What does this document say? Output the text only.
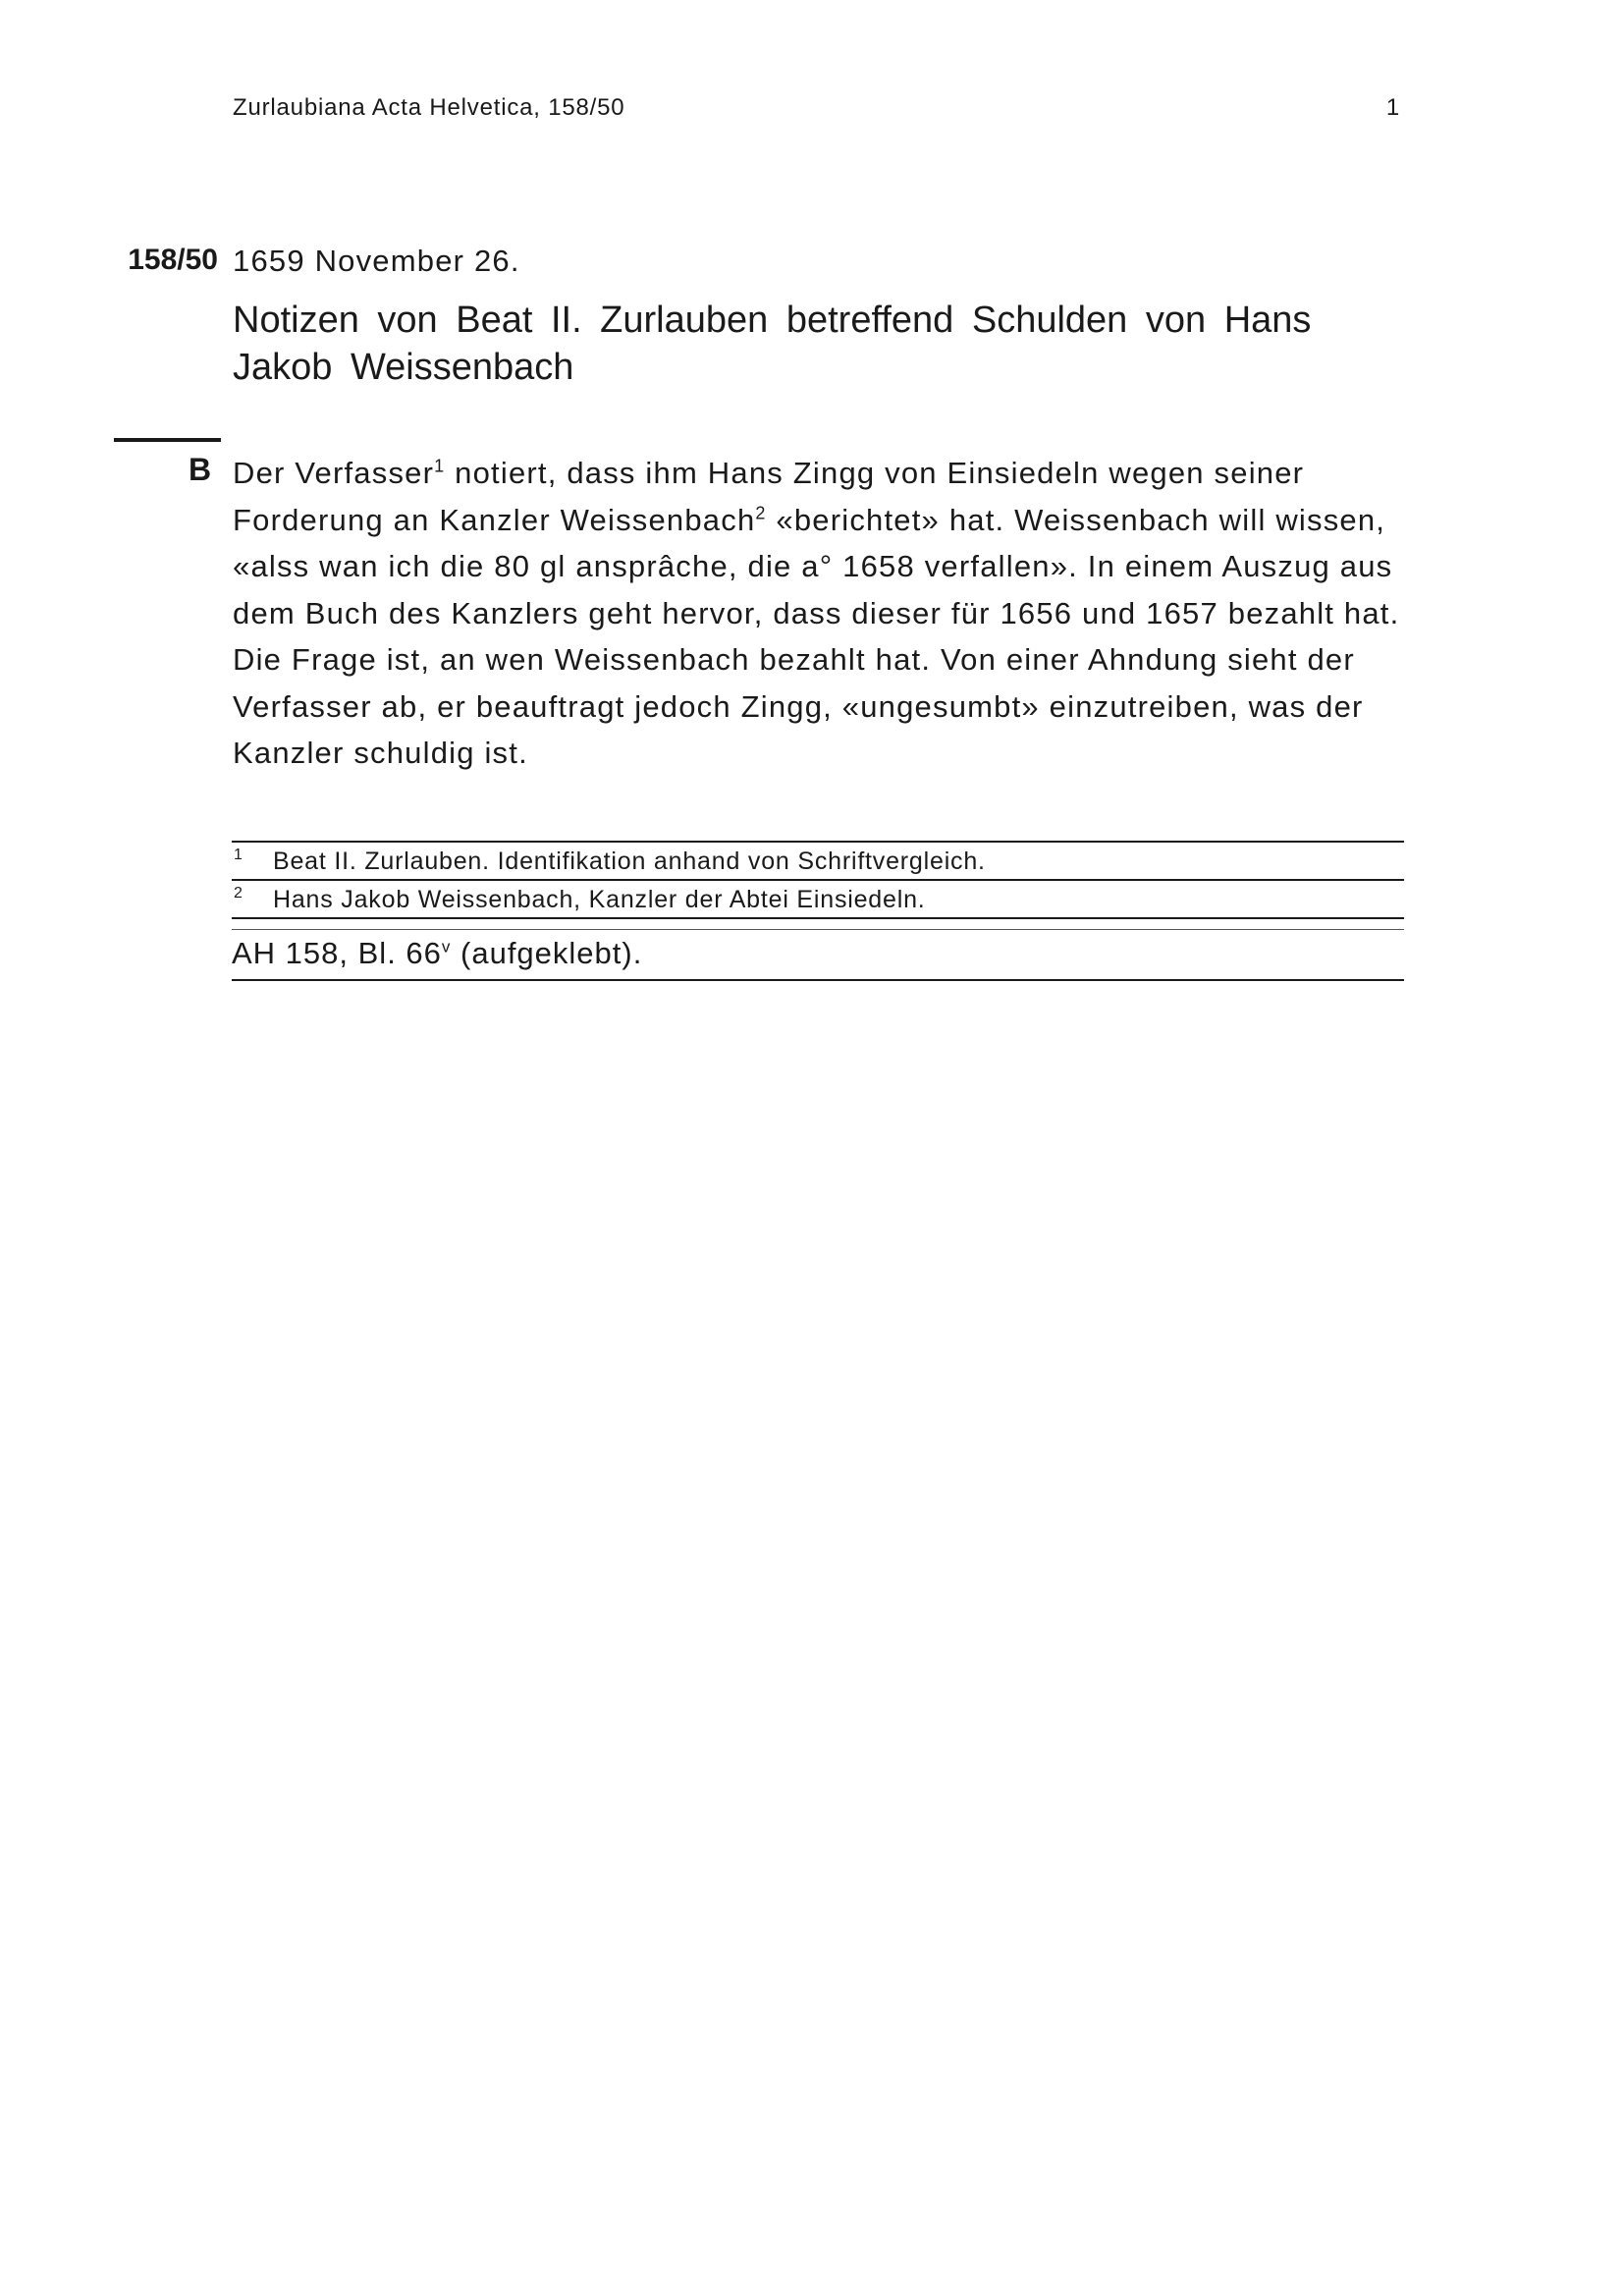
Zurlaubiana Acta Helvetica, 158/50	1
158/50 1659 November 26.
Notizen von Beat II. Zurlauben betreffend Schulden von Hans Jakob Weissenbach
B Der Verfasser$^1$ notiert, dass ihm Hans Zingg von Einsiedeln wegen seiner Forderung an Kanzler Weissenbach$^2$ «berichtet» hat. Weissenbach will wissen, «alss wan ich die 80 gl ansprâche, die a° 1658 verfallen». In einem Auszug aus dem Buch des Kanzlers geht hervor, dass dieser für 1656 und 1657 bezahlt hat. Die Frage ist, an wen Weissenbach bezahlt hat. Von einer Ahndung sieht der Verfasser ab, er beauftragt jedoch Zingg, «ungesumbt» einzutreiben, was der Kanzler schuldig ist.

1 Beat II. Zurlauben. Identifikation anhand von Schriftvergleich.
2 Hans Jakob Weissenbach, Kanzler der Abtei Einsiedeln.
AH 158, Bl. 66$^v$ (aufgeklebt).
